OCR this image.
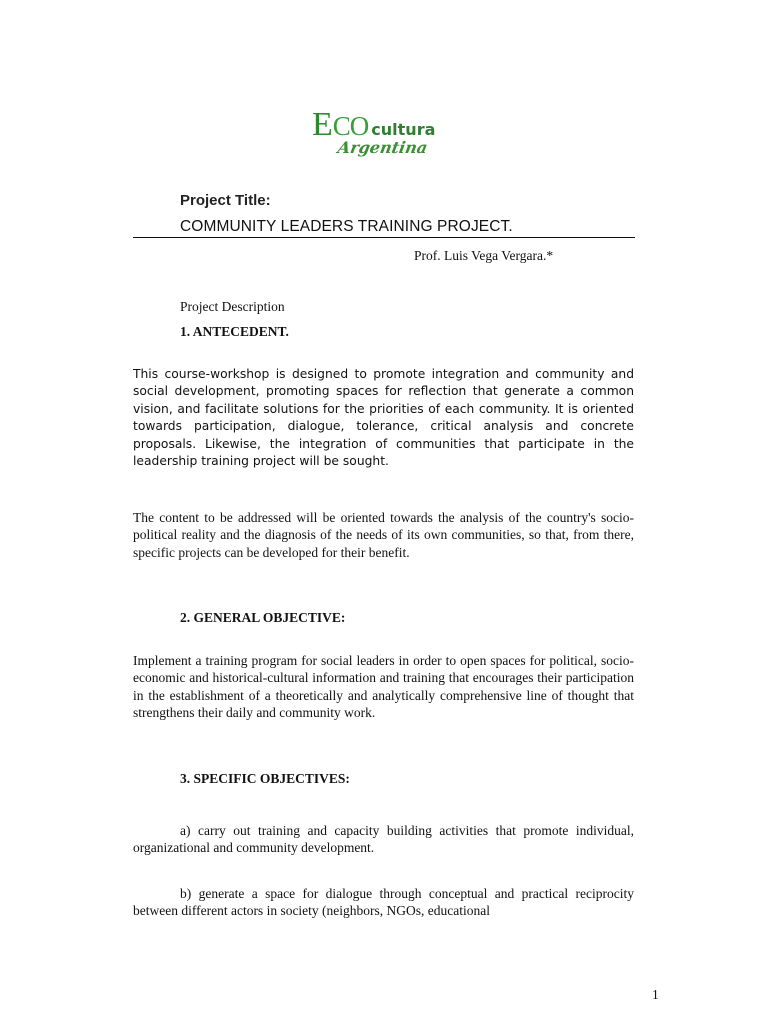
ECO cultura
Argentina
Project Title:
COMMUNITY LEADERS TRAINING PROJECT.
Prof. Luis Vega Vergara.*
Project Description
1. ANTECEDENT.

This course-workshop is designed to promote integration and community and social development, promoting spaces for reflection that generate a common vision, and facilitate solutions for the priorities of each community. It is oriented towards participation, dialogue, tolerance, critical analysis and concrete proposals. Likewise, the integration of communities that participate in the leadership training project will be sought.

The content to be addressed will be oriented towards the analysis of the country's socio-political reality and the diagnosis of the needs of its own communities, so that, from there, specific projects can be developed for their benefit.

2. GENERAL OBJECTIVE:

Implement a training program for social leaders in order to open spaces for political, socio-economic and historical-cultural information and training that encourages their participation in the establishment of a theoretically and analytically comprehensive line of thought that strengthens their daily and community work.

3. SPECIFIC OBJECTIVES:

a) carry out training and capacity building activities that promote individual, organizational and community development.

b) generate a space for dialogue through conceptual and practical reciprocity between different actors in society (neighbors, NGOs, educational

1
